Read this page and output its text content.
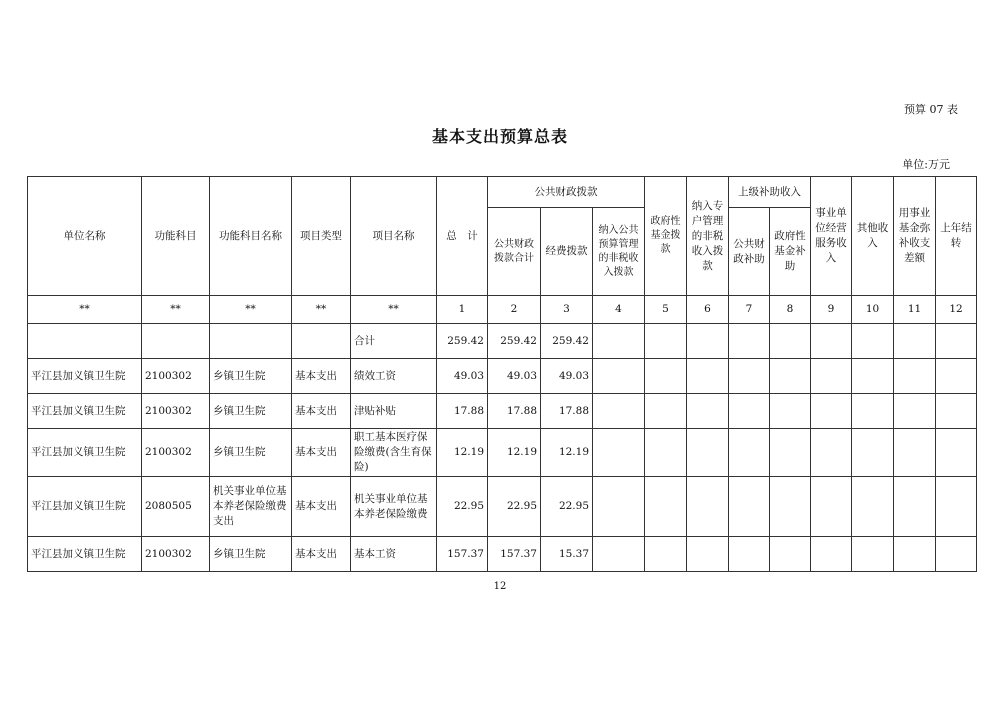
预算 07 表
基本支出预算总表
单位:万元
单位名称	功能科目	功能科目名称	项目类型	项目名称	总　计	公共财政拨款			政府性基金拨款	纳入专户管理的非税收入拨款	上级补助收入		事业单位经营服务收入	其他收入	用事业基金弥补收支差额	上年结转
						公共财政拨款合计	经费拨款	纳入公共预算管理的非税收入拨款			公共财政补助	政府性基金补助				
**	**	**	**	**	1	2	3	4	5	6	7	8	9	10	11	12
				合计	259.42	259.42	259.42									
平江县加义镇卫生院	2100302	乡镇卫生院	基本支出	绩效工资	49.03	49.03	49.03									
平江县加义镇卫生院	2100302	乡镇卫生院	基本支出	津贴补贴	17.88	17.88	17.88									
平江县加义镇卫生院	2100302	乡镇卫生院	基本支出	职工基本医疗保险缴费(含生育保险)	12.19	12.19	12.19									
平江县加义镇卫生院	2080505	机关事业单位基本养老保险缴费支出	基本支出	机关事业单位基本养老保险缴费	22.95	22.95	22.95									
平江县加义镇卫生院	2100302	乡镇卫生院	基本支出	基本工资	157.37	157.37	15.37									
12
